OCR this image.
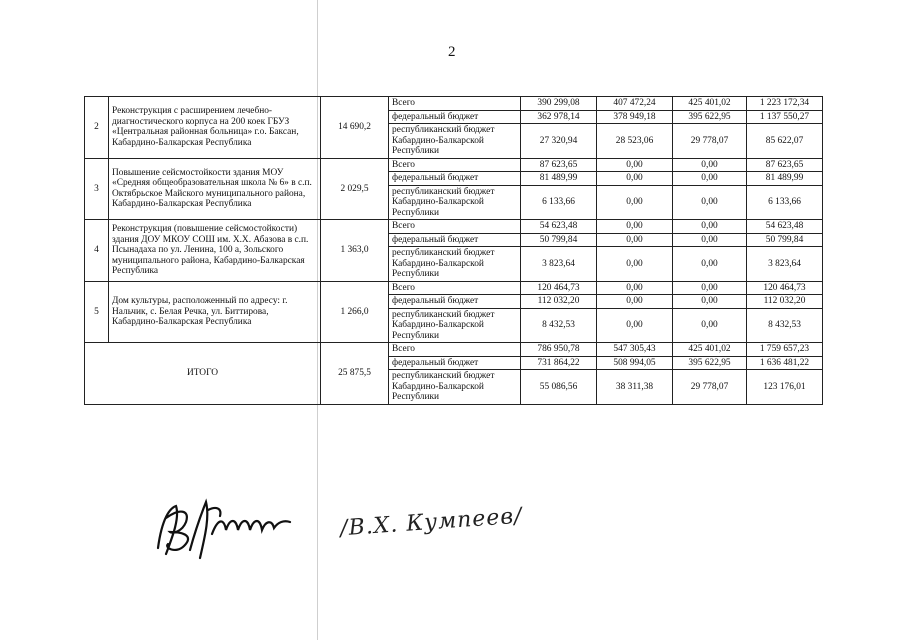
2
2	Реконструкция с расширением лечебно-диагностического корпуса на 200 коек ГБУЗ «Центральная районная больница» г.о. Баксан, Кабардино-Балкарская Республика	14 690,2	Всего	390 299,08	407 472,24	425 401,02	1 223 172,34
			федеральный бюджет	362 978,14	378 949,18	395 622,95	1 137 550,27
			республиканский бюджет Кабардино-Балкарской Республики	27 320,94	28 523,06	29 778,07	85 622,07
3	Повышение сейсмостойкости здания МОУ «Средняя общеобразовательная школа № 6» в с.п. Октябрьское Майского муниципального района, Кабардино-Балкарская Республика	2 029,5	Всего	87 623,65	0,00	0,00	87 623,65
			федеральный бюджет	81 489,99	0,00	0,00	81 489,99
			республиканский бюджет Кабардино-Балкарской Республики	6 133,66	0,00	0,00	6 133,66
4	Реконструкция (повышение сейсмостойкости) здания ДОУ МКОУ СОШ им. Х.Х. Абазова в с.п. Псынадаха по ул. Ленина, 100 а, Зольского муниципального района, Кабардино-Балкарская Республика	1 363,0	Всего	54 623,48	0,00	0,00	54 623,48
			федеральный бюджет	50 799,84	0,00	0,00	50 799,84
			республиканский бюджет Кабардино-Балкарской Республики	3 823,64	0,00	0,00	3 823,64
5	Дом культуры, расположенный по адресу: г. Нальчик, с. Белая Речка, ул. Биттирова, Кабардино-Балкарская Республика	1 266,0	Всего	120 464,73	0,00	0,00	120 464,73
			федеральный бюджет	112 032,20	0,00	0,00	112 032,20
			республиканский бюджет Кабардино-Балкарской Республики	8 432,53	0,00	0,00	8 432,53
ИТОГО		25 875,5	Всего	786 950,78	547 305,43	425 401,02	1 759 657,23
			федеральный бюджет	731 864,22	508 994,05	395 622,95	1 636 481,22
			республиканский бюджет Кабардино-Балкарской Республики	55 086,56	38 311,38	29 778,07	123 176,01
/В.Х. Кумпеев/
